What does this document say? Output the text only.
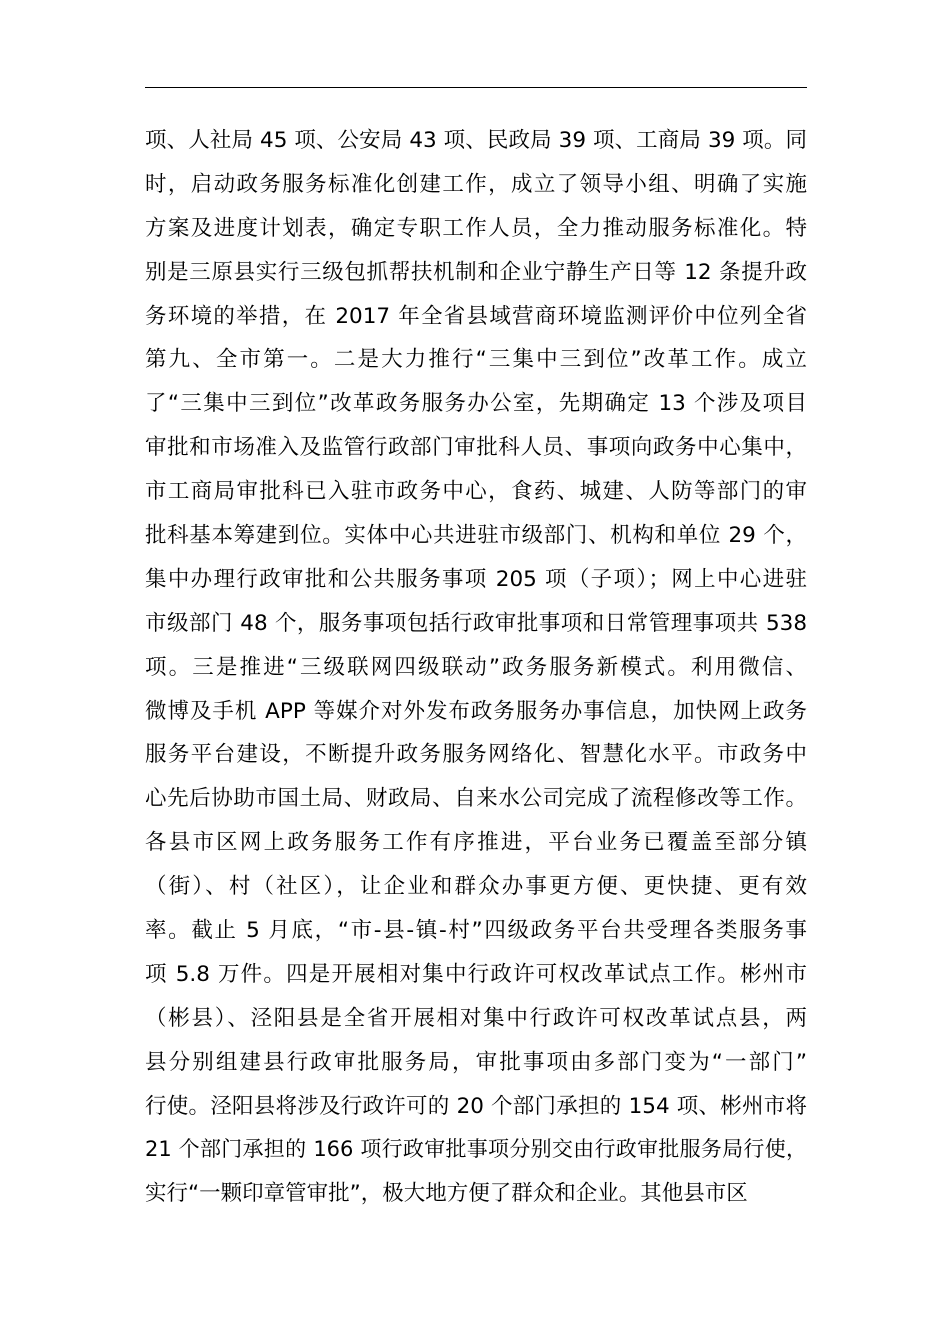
项、人社局 45 项、公安局 43 项、民政局 39 项、工商局 39 项。同
时，启动政务服务标准化创建工作，成立了领导小组、明确了实施
方案及进度计划表，确定专职工作人员，全力推动服务标准化。特
别是三原县实行三级包抓帮扶机制和企业宁静生产日等 12 条提升政
务环境的举措，在 2017 年全省县域营商环境监测评价中位列全省
第九、全市第一。二是大力推行“三集中三到位”改革工作。成立
了“三集中三到位”改革政务服务办公室，先期确定 13 个涉及项目
审批和市场准入及监管行政部门审批科人员、事项向政务中心集中，
市工商局审批科已入驻市政务中心，食药、城建、人防等部门的审
批科基本筹建到位。实体中心共进驻市级部门、机构和单位 29 个，
集中办理行政审批和公共服务事项 205 项（子项）；网上中心进驻
市级部门 48 个，服务事项包括行政审批事项和日常管理事项共 538
项。三是推进“三级联网四级联动”政务服务新模式。利用微信、
微博及手机 APP 等媒介对外发布政务服务办事信息，加快网上政务
服务平台建设，不断提升政务服务网络化、智慧化水平。市政务中
心先后协助市国土局、财政局、自来水公司完成了流程修改等工作。
各县市区网上政务服务工作有序推进，平台业务已覆盖至部分镇
（街）、村（社区），让企业和群众办事更方便、更快捷、更有效
率。截止 5 月底，“市-县-镇-村”四级政务平台共受理各类服务事
项 5.8 万件。四是开展相对集中行政许可权改革试点工作。彬州市
（彬县）、泾阳县是全省开展相对集中行政许可权改革试点县，两
县分别组建县行政审批服务局，审批事项由多部门变为“一部门”
行使。泾阳县将涉及行政许可的 20 个部门承担的 154 项、彬州市将
21 个部门承担的 166 项行政审批事项分别交由行政审批服务局行使，
实行“一颗印章管审批”，极大地方便了群众和企业。其他县市区
